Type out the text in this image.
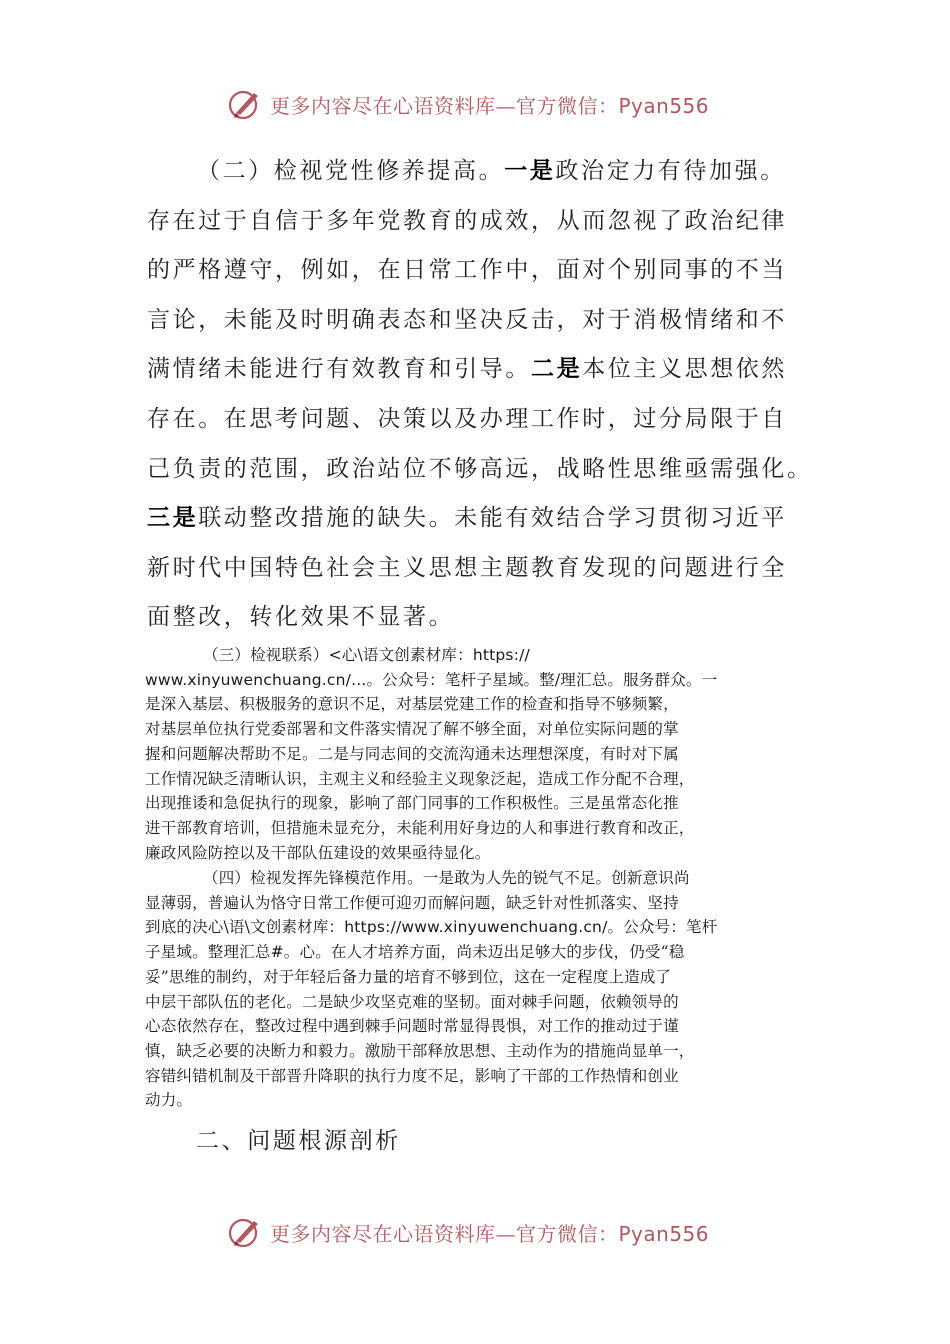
更多内容尽在心语资料库—官方微信：Pyan556

（二）检视党性修养提高。一是政治定力有待加强。

存在过于自信于多年党教育的成效，从而忽视了政治纪律

的严格遵守，例如，在日常工作中，面对个别同事的不当

言论，未能及时明确表态和坚决反击，对于消极情绪和不

满情绪未能进行有效教育和引导。二是本位主义思想依然

存在。在思考问题、决策以及办理工作时，过分局限于自

己负责的范围，政治站位不够高远，战略性思维亟需强化。

三是联动整改措施的缺失。未能有效结合学习贯彻习近平

新时代中国特色社会主义思想主题教育发现的问题进行全

面整改，转化效果不显著。

（三）检视联系）<心\语文创素材库：https://

www.xinyuwenchuang.cn/...。公众号：笔杆子星域。整/理汇总。服务群众。一

是深入基层、积极服务的意识不足，对基层党建工作的检查和指导不够频繁，

对基层单位执行党委部署和文件落实情况了解不够全面，对单位实际问题的掌

握和问题解决帮助不足。二是与同志间的交流沟通未达理想深度，有时对下属

工作情况缺乏清晰认识，主观主义和经验主义现象泛起，造成工作分配不合理，

出现推诿和急促执行的现象，影响了部门同事的工作积极性。三是虽常态化推

进干部教育培训，但措施未显充分，未能利用好身边的人和事进行教育和改正，

廉政风险防控以及干部队伍建设的效果亟待显化。

（四）检视发挥先锋模范作用。一是敢为人先的锐气不足。创新意识尚

显薄弱，普遍认为恪守日常工作便可迎刃而解问题，缺乏针对性抓落实、坚持

到底的决心\语\文创素材库：https://www.xinyuwenchuang.cn/。公众号：笔杆

子星域。整理汇总#。心。在人才培养方面，尚未迈出足够大的步伐，仍受“稳

妥”思维的制约，对于年轻后备力量的培育不够到位，这在一定程度上造成了

中层干部队伍的老化。二是缺少攻坚克难的坚韧。面对棘手问题，依赖领导的

心态依然存在，整改过程中遇到棘手问题时常显得畏惧，对工作的推动过于谨

慎，缺乏必要的决断力和毅力。激励干部释放思想、主动作为的措施尚显单一，

容错纠错机制及干部晋升降职的执行力度不足，影响了干部的工作热情和创业

动力。

二、问题根源剖析
更多内容尽在心语资料库—官方微信：Pyan556
